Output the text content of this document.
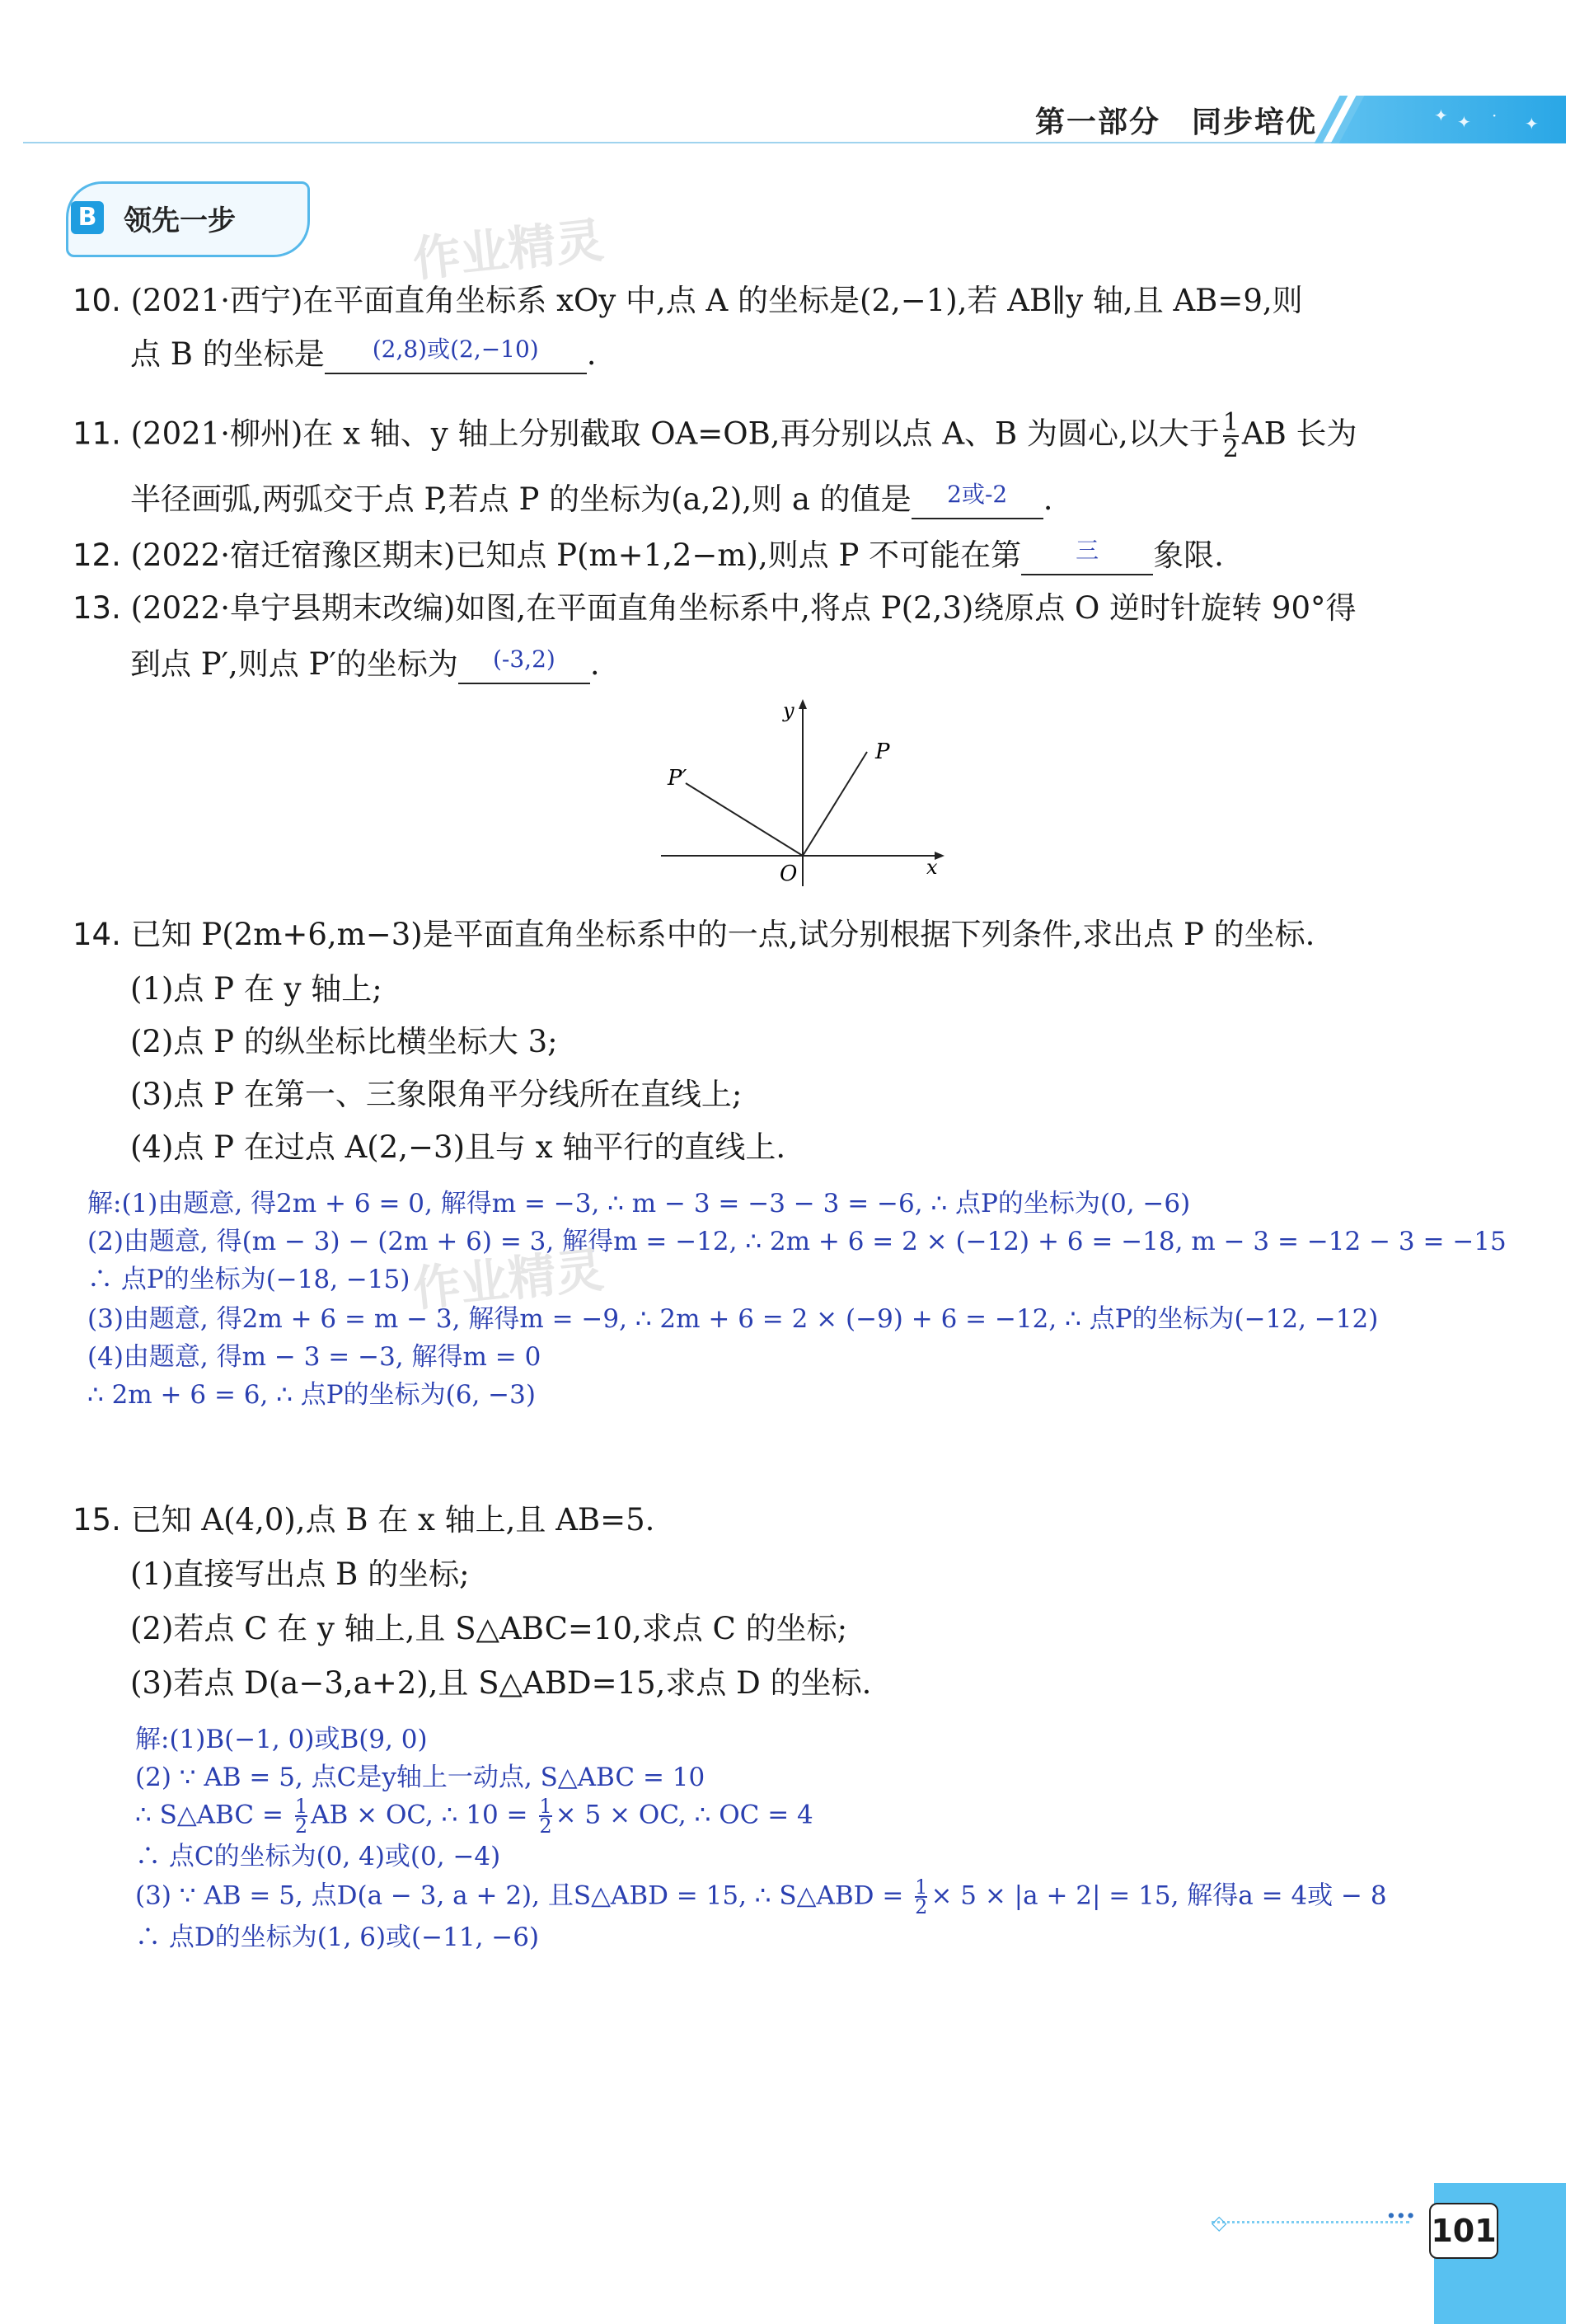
✦ ✦ · ✦
第一部分　同步培优
B 领先一步	作业精灵
10. (2021·西宁)在平面直角坐标系 xOy 中,点 A 的坐标是(2,−1),若 AB∥y 轴,且 AB=9,则
点 B 的坐标是	(2,8)或(2,−10)	.
11. (2021·柳州)在 x 轴、y 轴上分别截取 OA=OB,再分别以点 A、B 为圆心,以大于 $\frac{1}{2}$ AB 长为
半径画弧,两弧交于点 P,若点 P 的坐标为(a,2),则 a 的值是	2或-2	.
12. (2022·宿迁宿豫区期末)已知点 P(m+1,2−m),则点 P 不可能在第	三	象限.
13. (2022·阜宁县期末改编)如图,在平面直角坐标系中,将点 P(2,3)绕原点 O 逆时针旋转 90°得
到点 P′,则点 P′的坐标为	(-3,2)	.
y
x
O
P
P′
14. 已知 P(2m+6,m−3)是平面直角坐标系中的一点,试分别根据下列条件,求出点 P 的坐标.
(1)点 P 在 y 轴上;
(2)点 P 的纵坐标比横坐标大 3;
(3)点 P 在第一、三象限角平分线所在直线上;
(4)点 P 在过点 A(2,−3)且与 x 轴平行的直线上.
解:(1)由题意, 得2m + 6 = 0, 解得m = −3, ∴ m − 3 = −3 − 3 = −6, ∴ 点P的坐标为(0, −6)
(2)由题意, 得(m − 3) − (2m + 6) = 3, 解得m = −12, ∴ 2m + 6 = 2 × (−12) + 6 = −18, m − 3 = −12 − 3 = −15
∴ 点P的坐标为(−18, −15) 作业精灵
(3)由题意, 得2m + 6 = m − 3, 解得m = −9, ∴ 2m + 6 = 2 × (−9) + 6 = −12, ∴ 点P的坐标为(−12, −12)
(4)由题意, 得m − 3 = −3, 解得m = 0
∴ 2m + 6 = 6, ∴ 点P的坐标为(6, −3)
15. 已知 A(4,0),点 B 在 x 轴上,且 AB=5.
(1)直接写出点 B 的坐标;
(2)若点 C 在 y 轴上,且 S△ABC=10,求点 C 的坐标;
(3)若点 D(a−3,a+2),且 S△ABD=15,求点 D 的坐标.
解:(1)B(−1, 0)或B(9, 0)
(2) ∵ AB = 5, 点C是y轴上一动点, S△ABC = 10
∴ S△ABC = $\frac{1}{2}$ AB × OC, ∴ $10 = \frac{1}{2} \times 5$ × OC, ∴ OC = 4
∴ 点C的坐标为(0, 4)或(0, −4)
(3) ∵ AB = 5, 点D(a − 3, a + 2), 且S△ABD = 15, ∴ S△ABD = $\frac{1}{2} \times 5 \times |a + 2| = 15$, 解得a = 4或 − 8
∴ 点D的坐标为(1, 6)或(−11, −6)
◇	··· 101
